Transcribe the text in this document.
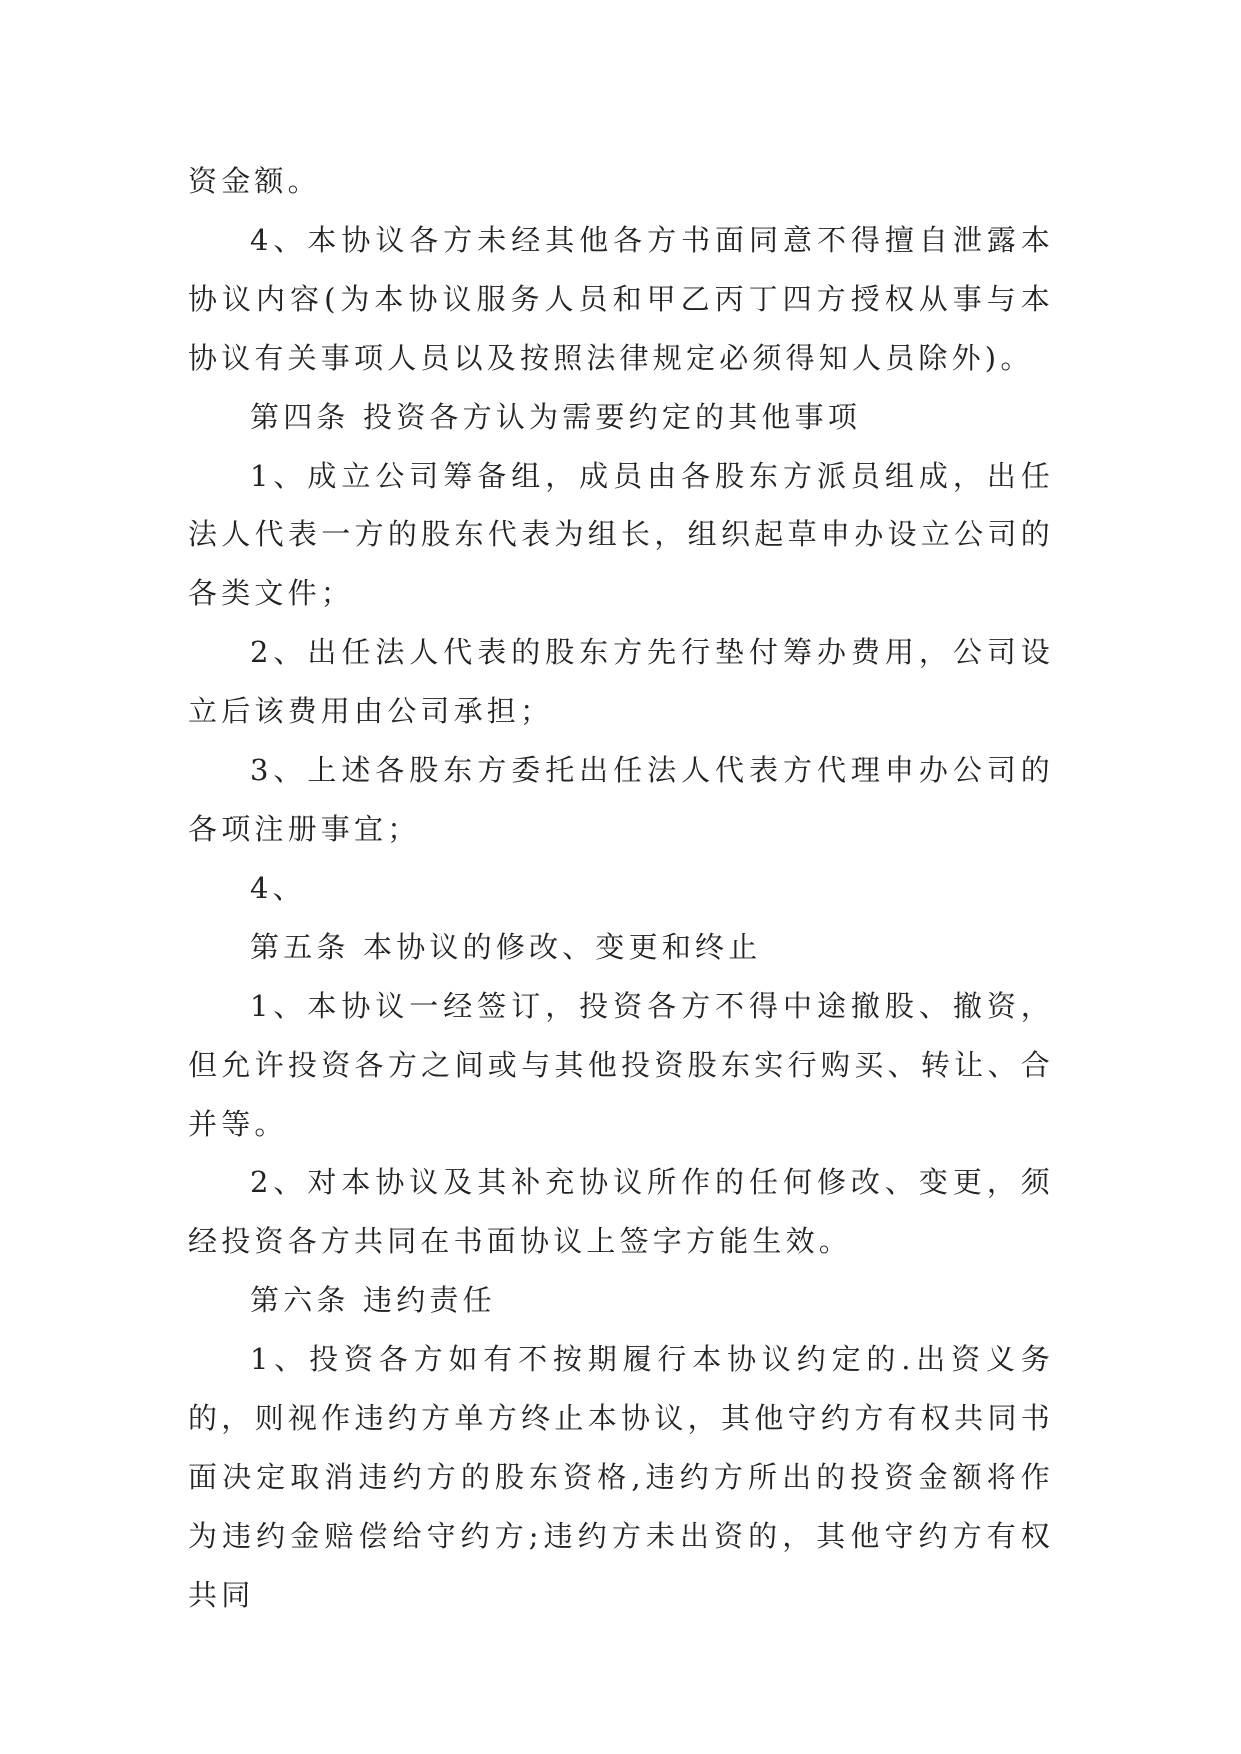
资金额。

4、本协议各方未经其他各方书面同意不得擅自泄露本协议内容(为本协议服务人员和甲乙丙丁四方授权从事与本协议有关事项人员以及按照法律规定必须得知人员除外)。

第四条 投资各方认为需要约定的其他事项

1、成立公司筹备组，成员由各股东方派员组成，出任法人代表一方的股东代表为组长，组织起草申办设立公司的各类文件；

2、出任法人代表的股东方先行垫付筹办费用，公司设立后该费用由公司承担；

3、上述各股东方委托出任法人代表方代理申办公司的各项注册事宜；

4、

第五条 本协议的修改、变更和终止

1、本协议一经签订，投资各方不得中途撤股、撤资，但允许投资各方之间或与其他投资股东实行购买、转让、合并等。

2、对本协议及其补充协议所作的任何修改、变更，须经投资各方共同在书面协议上签字方能生效。

第六条 违约责任

1、投资各方如有不按期履行本协议约定的.出资义务的，则视作违约方单方终止本协议，其他守约方有权共同书面决定取消违约方的股东资格,违约方所出的投资金额将作为违约金赔偿给守约方;违约方未出资的，其他守约方有权共同
